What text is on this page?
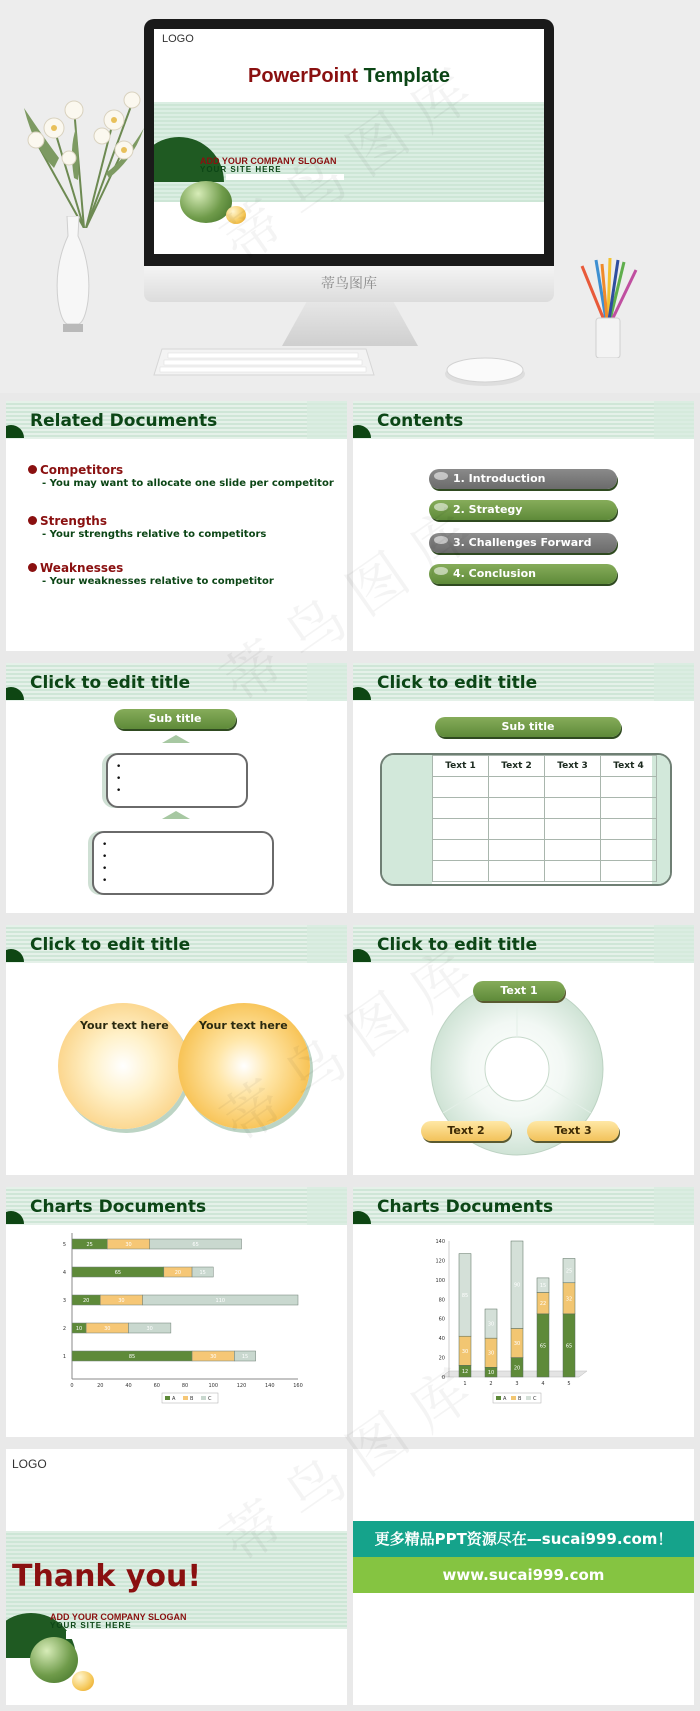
LOGO
PowerPoint Template
ADD YOUR COMPANY SLOGAN
YOUR SITE HERE
蒂鸟图库
Related Documents
Competitors
- You may want to allocate one slide per competitor
Strengths
- Your strengths relative to competitors
Weaknesses
- Your weaknesses relative to competitor
Contents
1. Introduction
2. Strategy
3. Challenges Forward
4. Conclusion
Click to edit title
Sub title
•
•
•
•
•
•
•
Click to edit title
Sub title
Text 1	Text 2	Text 3	Text 4

Click to edit title
Your text here	Your text here
Click to edit title
Text 1
Text 2	Text 3
Charts Documents
1	85	30	15
2 10	30	30
3	20	30	110
4	65	20	15
5	25	30	65
0	20	40	60	80	100	120	140	160
A	B	C
Charts Documents
0
20
40
60
80
100
120
140
12
30
85
1
10
30
30
2
20
30
90
3
65
22
15
4
65
32
25
5
A B C
LOGO
Thank you!
ADD YOUR COMPANY SLOGAN
YOUR SITE HERE
更多精品PPT资源尽在—sucai999.com！
www.sucai999.com
